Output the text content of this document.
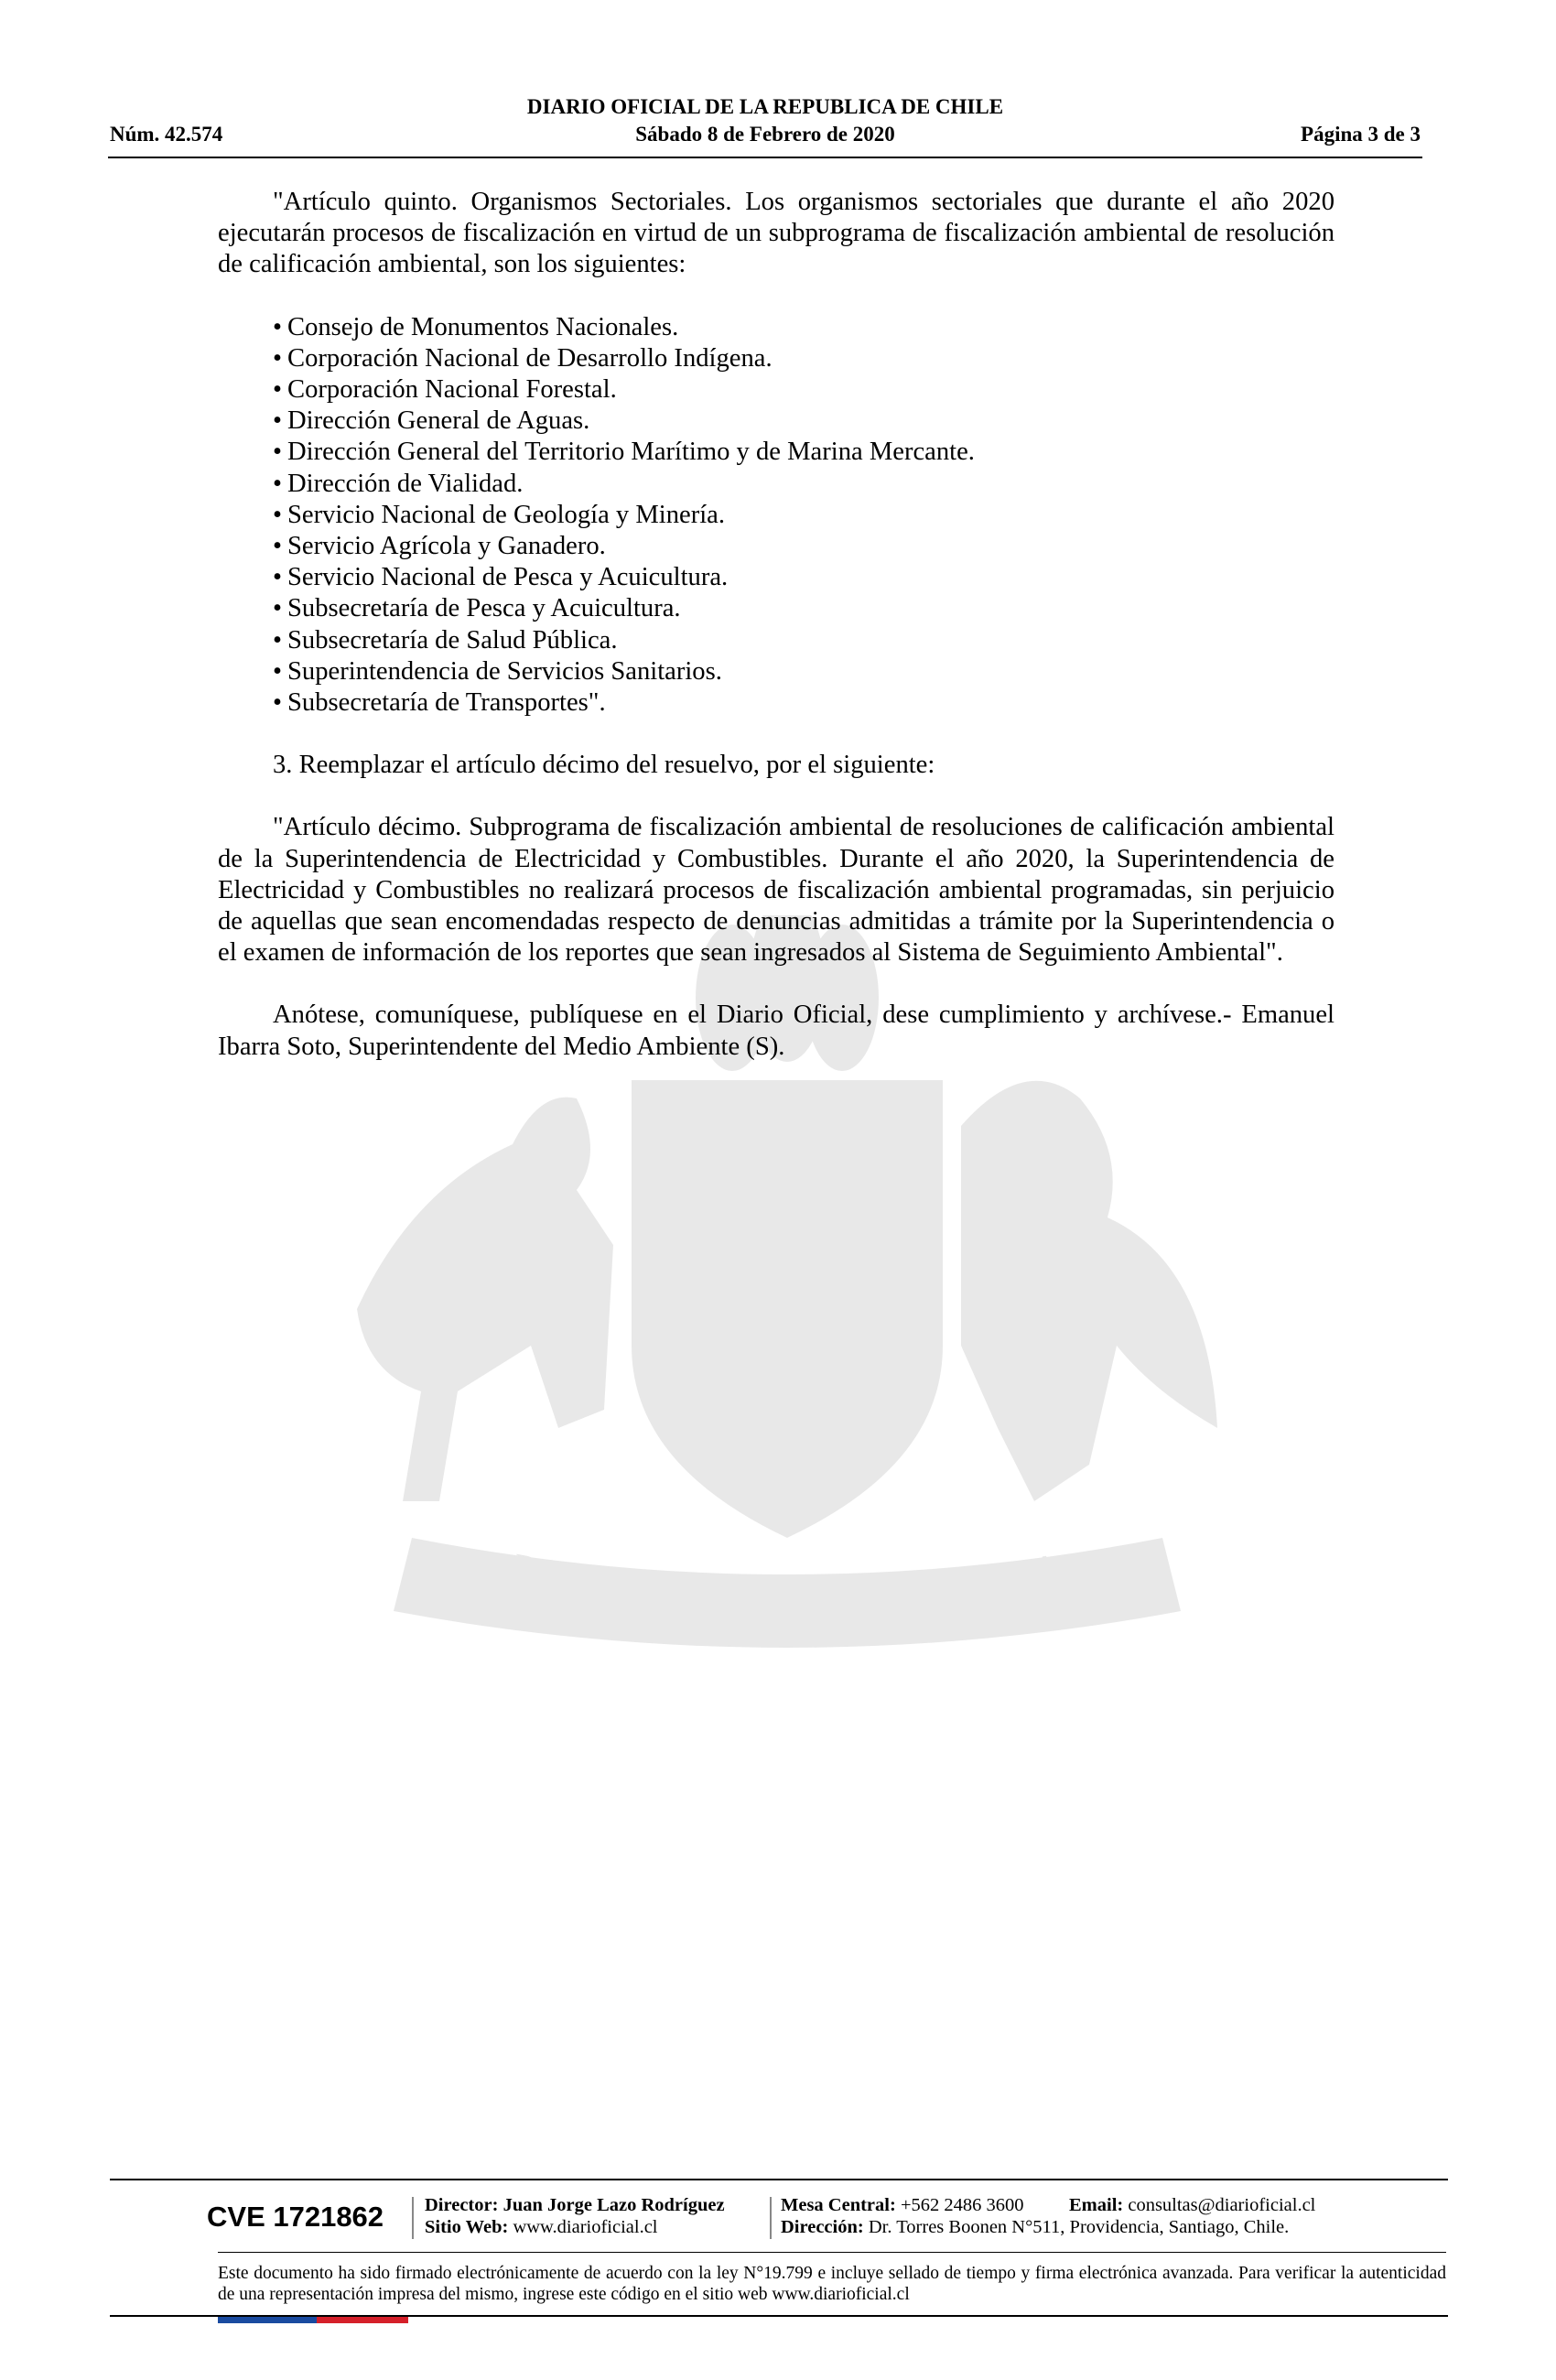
DIARIO OFICIAL DE LA REPUBLICA DE CHILE
Núm. 42.574	Sábado 8 de Febrero de 2020	Página 3 de 3
POR LA RAZON O LA FUERZA

"Artículo quinto. Organismos Sectoriales. Los organismos sectoriales que durante el año 2020 ejecutarán procesos de fiscalización en virtud de un subprograma de fiscalización ambiental de resolución de calificación ambiental, son los siguientes:

• Consejo de Monumentos Nacionales.
• Corporación Nacional de Desarrollo Indígena.
• Corporación Nacional Forestal.
• Dirección General de Aguas.
• Dirección General del Territorio Marítimo y de Marina Mercante.
• Dirección de Vialidad.
• Servicio Nacional de Geología y Minería.
• Servicio Agrícola y Ganadero.
• Servicio Nacional de Pesca y Acuicultura.
• Subsecretaría de Pesca y Acuicultura.
• Subsecretaría de Salud Pública.
• Superintendencia de Servicios Sanitarios.
• Subsecretaría de Transportes".

3. Reemplazar el artículo décimo del resuelvo, por el siguiente:

"Artículo décimo. Subprograma de fiscalización ambiental de resoluciones de calificación ambiental de la Superintendencia de Electricidad y Combustibles. Durante el año 2020, la Superintendencia de Electricidad y Combustibles no realizará procesos de fiscalización ambiental programadas, sin perjuicio de aquellas que sean encomendadas respecto de denuncias admitidas a trámite por la Superintendencia o el examen de información de los reportes que sean ingresados al Sistema de Seguimiento Ambiental".

Anótese, comuníquese, publíquese en el Diario Oficial, dese cumplimiento y archívese.- Emanuel Ibarra Soto, Superintendente del Medio Ambiente (S).

CVE 1721862 Director: Juan Jorge Lazo Rodríguez
Sitio Web: www.diarioficial.cl
Mesa Central: +562 2486 3600 Email: consultas@diarioficial.cl
Dirección: Dr. Torres Boonen N°511, Providencia, Santiago, Chile.
Este documento ha sido firmado electrónicamente de acuerdo con la ley N°19.799 e incluye sellado de tiempo y firma electrónica avanzada. Para verificar la autenticidad de una representación impresa del mismo, ingrese este código en el sitio web www.diarioficial.cl
